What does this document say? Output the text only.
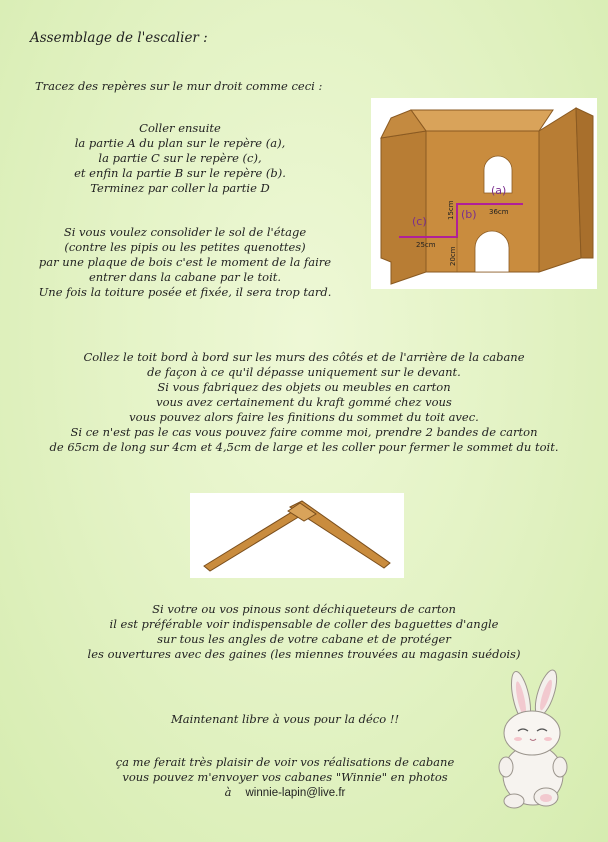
Assemblage de l'escalier :
Tracez des repères sur le mur droit comme ceci :
Coller ensuite
la partie A du plan sur le repère (a),
la partie C sur le repère (c),
et enfin la partie B sur le repère (b).
Terminez par coller la partie D
Si vous voulez consolider le sol de l'étage
(contre les pipis ou les petites quenottes)
par une plaque de bois c'est le moment de la faire
entrer dans la cabane par le toit.
Une fois la toiture posée et fixée, il sera trop tard.
(a)
(b)
(c)
36cm
15cm
25cm
20cm
Collez le toit bord à bord sur les murs des côtés et de l'arrière de la cabane
de façon à ce qu'il dépasse uniquement sur le devant.
Si vous fabriquez des objets ou meubles en carton
vous avez certainement du kraft gommé chez vous
vous pouvez alors faire les finitions du sommet du toit avec.
Si ce n'est pas le cas vous pouvez faire comme moi, prendre 2 bandes de carton
de 65cm de long sur 4cm et 4,5cm de large et les coller pour fermer le sommet du toit.
Si votre ou vos pinous sont déchiqueteurs de carton
il est préférable voir indispensable de coller des baguettes d'angle
sur tous les angles de votre cabane et de protéger
les ouvertures avec des gaines (les miennes trouvées au magasin suédois)
Maintenant libre à vous pour la déco !!
ça me ferait très plaisir de voir vos réalisations de cabane
vous pouvez m'envoyer vos cabanes "Winnie" en photos
à winnie-lapin@live.fr
